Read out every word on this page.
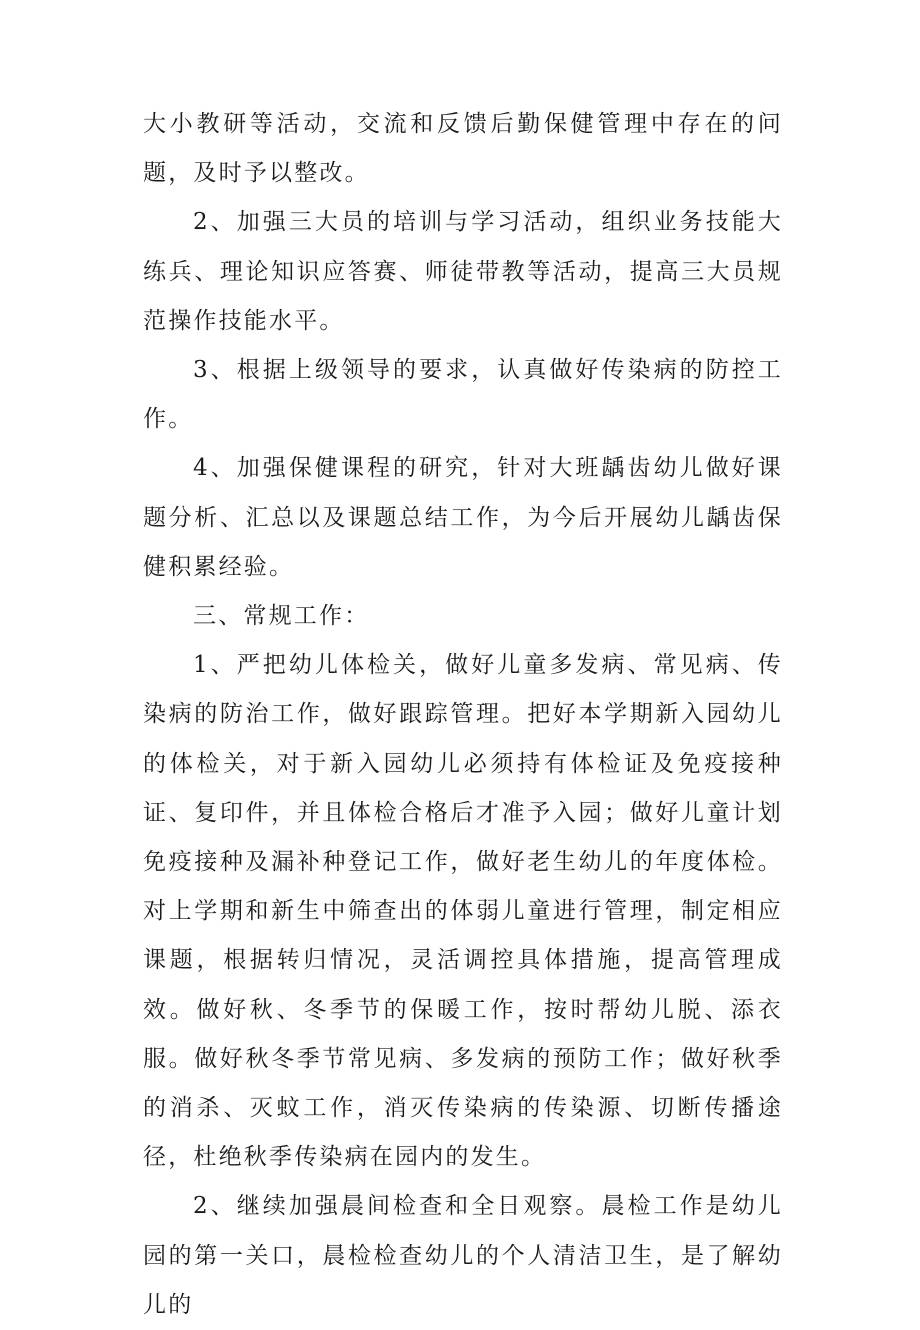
大小教研等活动，交流和反馈后勤保健管理中存在的问题，及时予以整改。

2、加强三大员的培训与学习活动，组织业务技能大练兵、理论知识应答赛、师徒带教等活动，提高三大员规范操作技能水平。

3、根据上级领导的要求，认真做好传染病的防控工作。

4、加强保健课程的研究，针对大班龋齿幼儿做好课题分析、汇总以及课题总结工作，为今后开展幼儿龋齿保健积累经验。

三、常规工作：

1、严把幼儿体检关，做好儿童多发病、常见病、传染病的防治工作，做好跟踪管理。把好本学期新入园幼儿的体检关，对于新入园幼儿必须持有体检证及免疫接种证、复印件，并且体检合格后才准予入园；做好儿童计划免疫接种及漏补种登记工作，做好老生幼儿的年度体检。对上学期和新生中筛查出的体弱儿童进行管理，制定相应课题，根据转归情况，灵活调控具体措施，提高管理成效。做好秋、冬季节的保暖工作，按时帮幼儿脱、添衣服。做好秋冬季节常见病、多发病的预防工作；做好秋季的消杀、灭蚊工作，消灭传染病的传染源、切断传播途径，杜绝秋季传染病在园内的发生。

2、继续加强晨间检查和全日观察。晨检工作是幼儿园的第一关口，晨检检查幼儿的个人清洁卫生，是了解幼儿的
